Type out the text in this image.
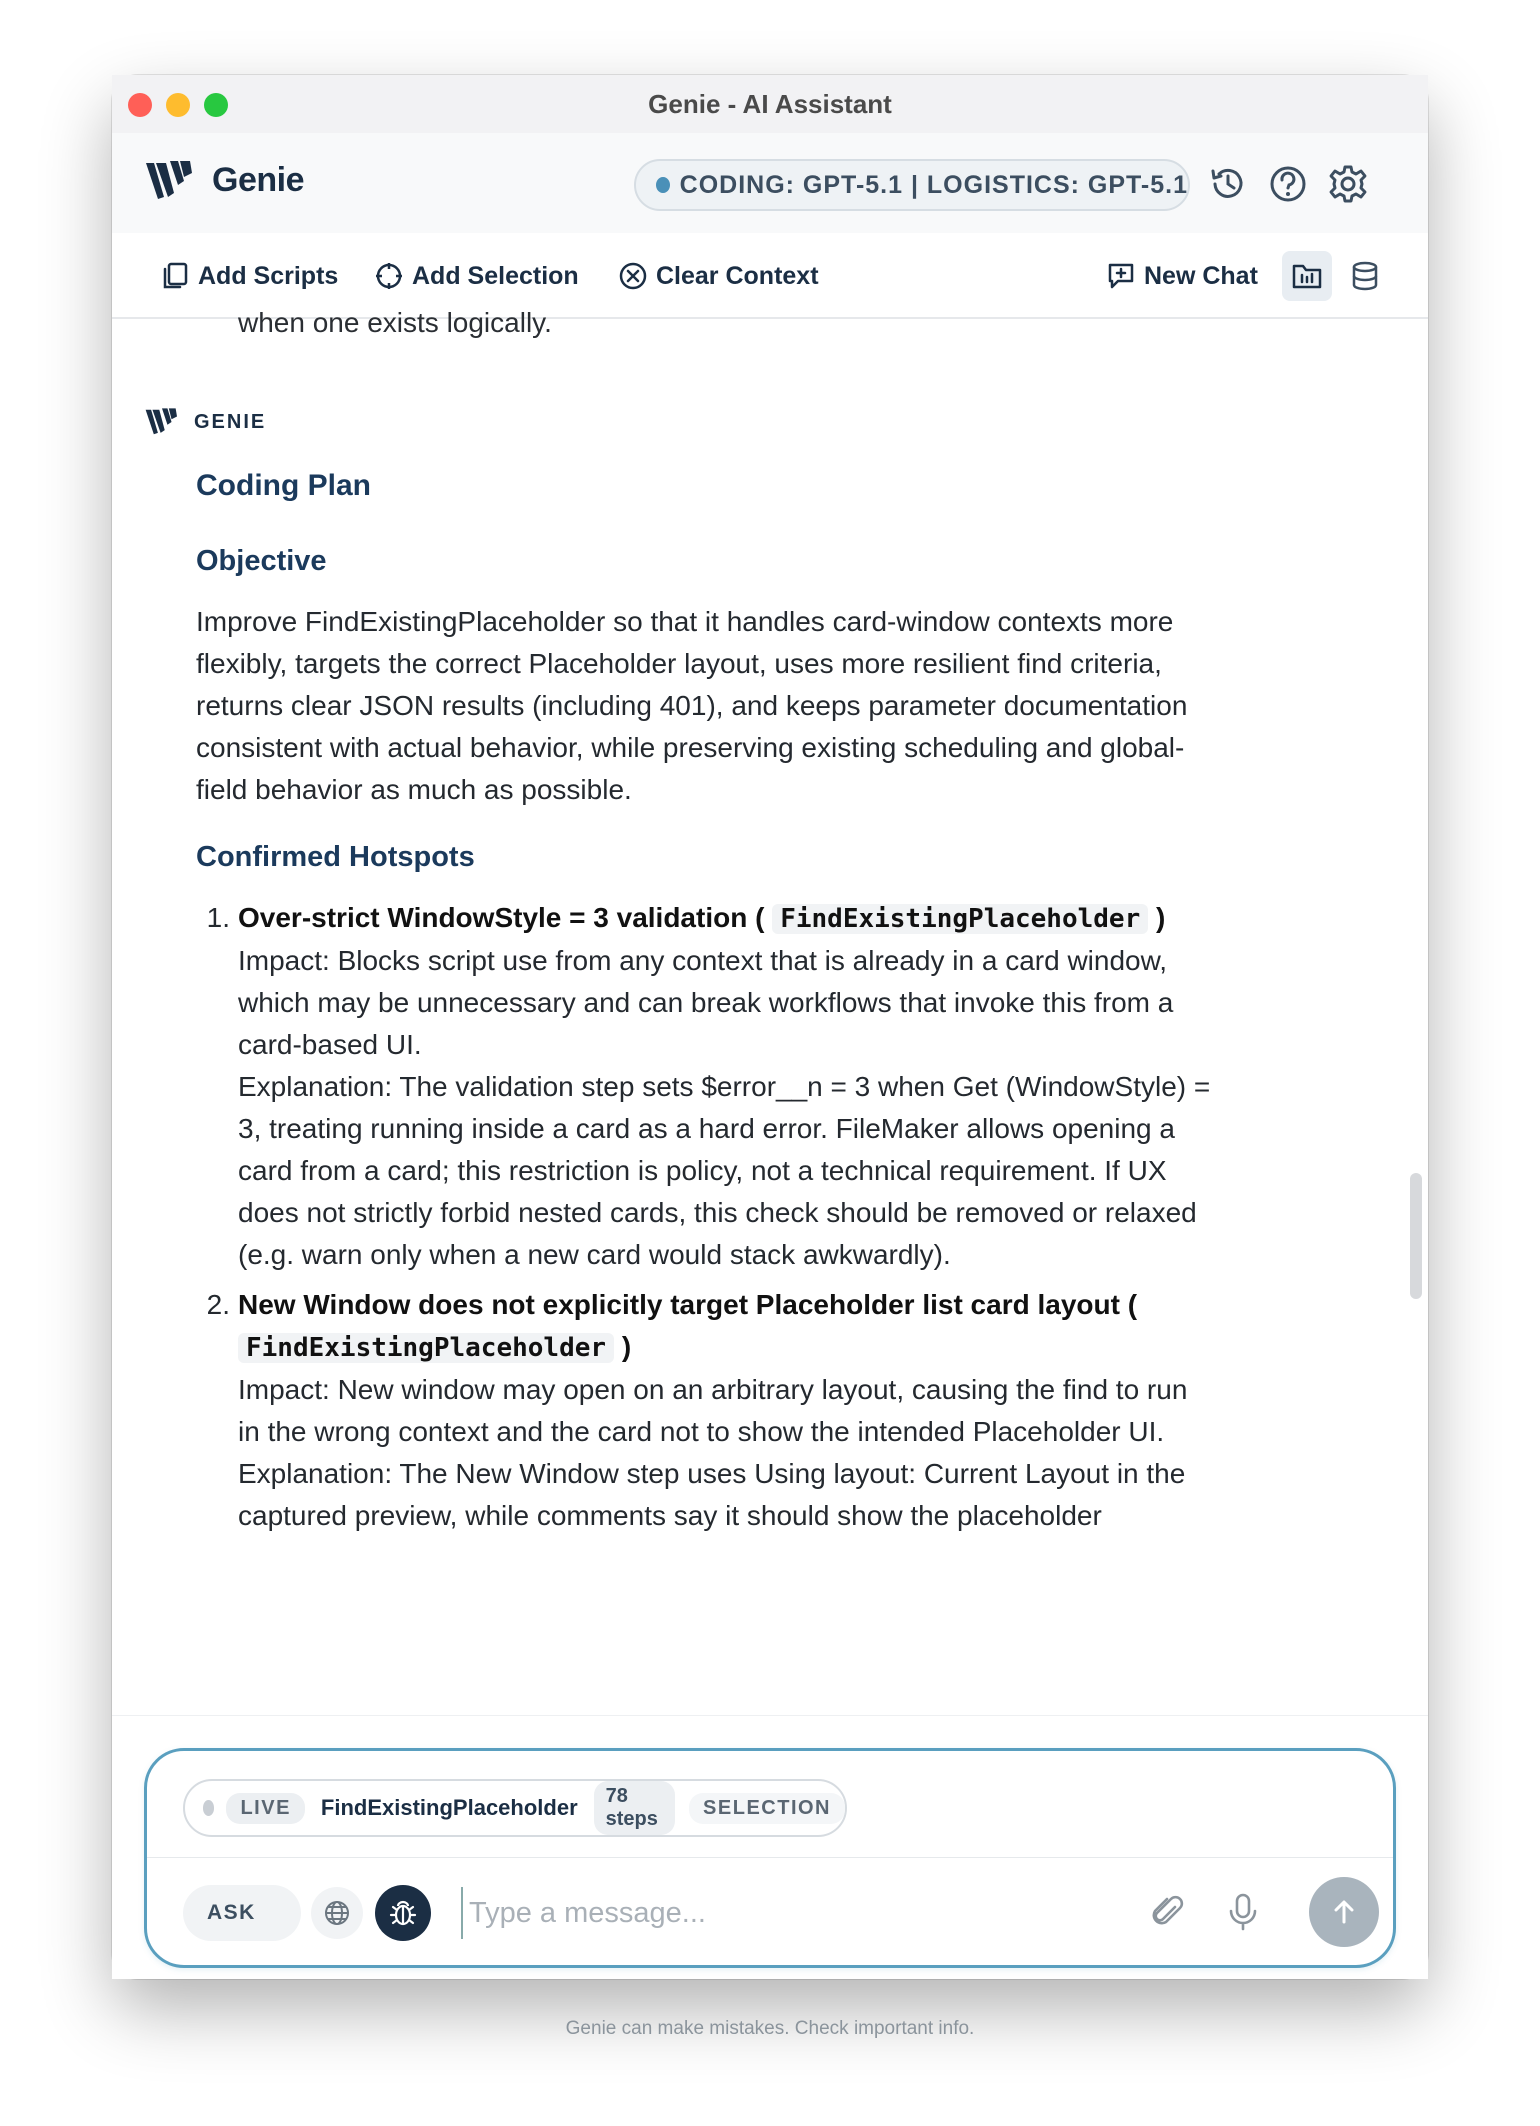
Genie - AI Assistant
Genie	CODING: GPT-5.1 | LOGISTICS: GPT-5.1
Add Scripts	Add Selection	Clear Context	New Chat
when one exists logically.
GENIE
Coding Plan
Objective
Improve FindExistingPlaceholder so that it handles card-window contexts more flexibly, targets the correct Placeholder layout, uses more resilient find criteria, returns clear JSON results (including 401), and keeps parameter documentation consistent with actual behavior, while preserving existing scheduling and global-field behavior as much as possible.
Confirmed Hotspots
1. Over-strict WindowStyle = 3 validation ( FindExistingPlaceholder )
Impact: Blocks script use from any context that is already in a card window, which may be unnecessary and can break workflows that invoke this from a card-based UI.
Explanation: The validation step sets $error__n = 3 when Get (WindowStyle) = 3, treating running inside a card as a hard error. FileMaker allows opening a card from a card; this restriction is policy, not a technical requirement. If UX does not strictly forbid nested cards, this check should be removed or relaxed (e.g. warn only when a new card would stack awkwardly).
2. New Window does not explicitly target Placeholder list card layout ( FindExistingPlaceholder )
Impact: New window may open on an arbitrary layout, causing the find to run in the wrong context and the card not to show the intended Placeholder UI.
Explanation: The New Window step uses Using layout: Current Layout in the captured preview, while comments say it should show the placeholder
LIVE	FindExistingPlaceholder	78 steps
SELECTION
ASK
Type a message...
Genie can make mistakes. Check important info.
